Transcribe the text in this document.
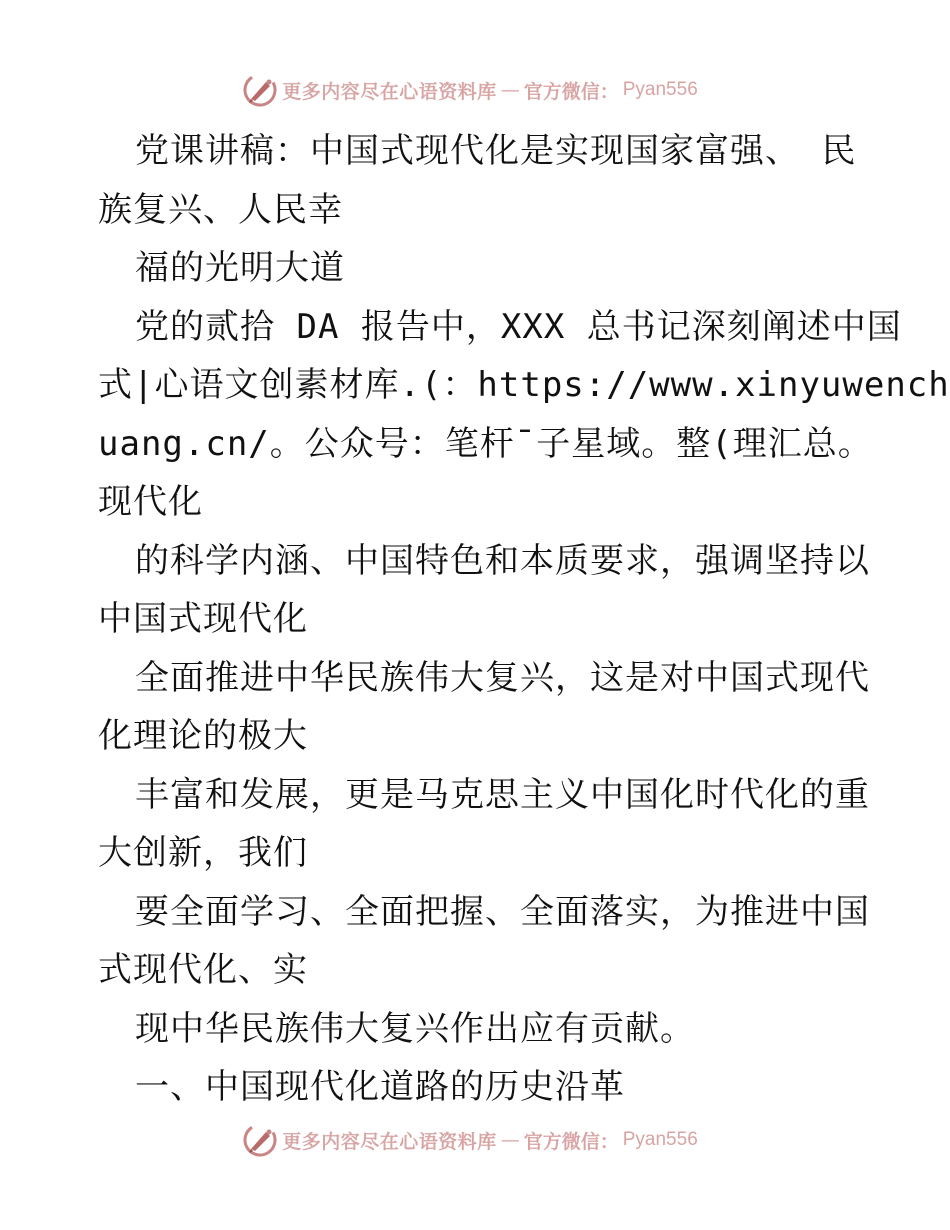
更多内容尽在心语资料库 — 官方微信： Pyan556
党课讲稿：中国式现代化是实现国家富强、 民
族复兴、人民幸
福的光明大道
党的贰拾 DA 报告中，XXX 总书记深刻阐述中国
式|心语文创素材库.(：https://www.xinyuwench
uang.cn/。公众号：笔杆¯子星域。整(理汇总。
现代化
的科学内涵、中国特色和本质要求，强调坚持以
中国式现代化
全面推进中华民族伟大复兴，这是对中国式现代
化理论的极大
丰富和发展，更是马克思主义中国化时代化的重
大创新，我们
要全面学习、全面把握、全面落实，为推进中国
式现代化、实
现中华民族伟大复兴作出应有贡献。
一、中国现代化道路的历史沿革
更多内容尽在心语资料库 — 官方微信： Pyan556
